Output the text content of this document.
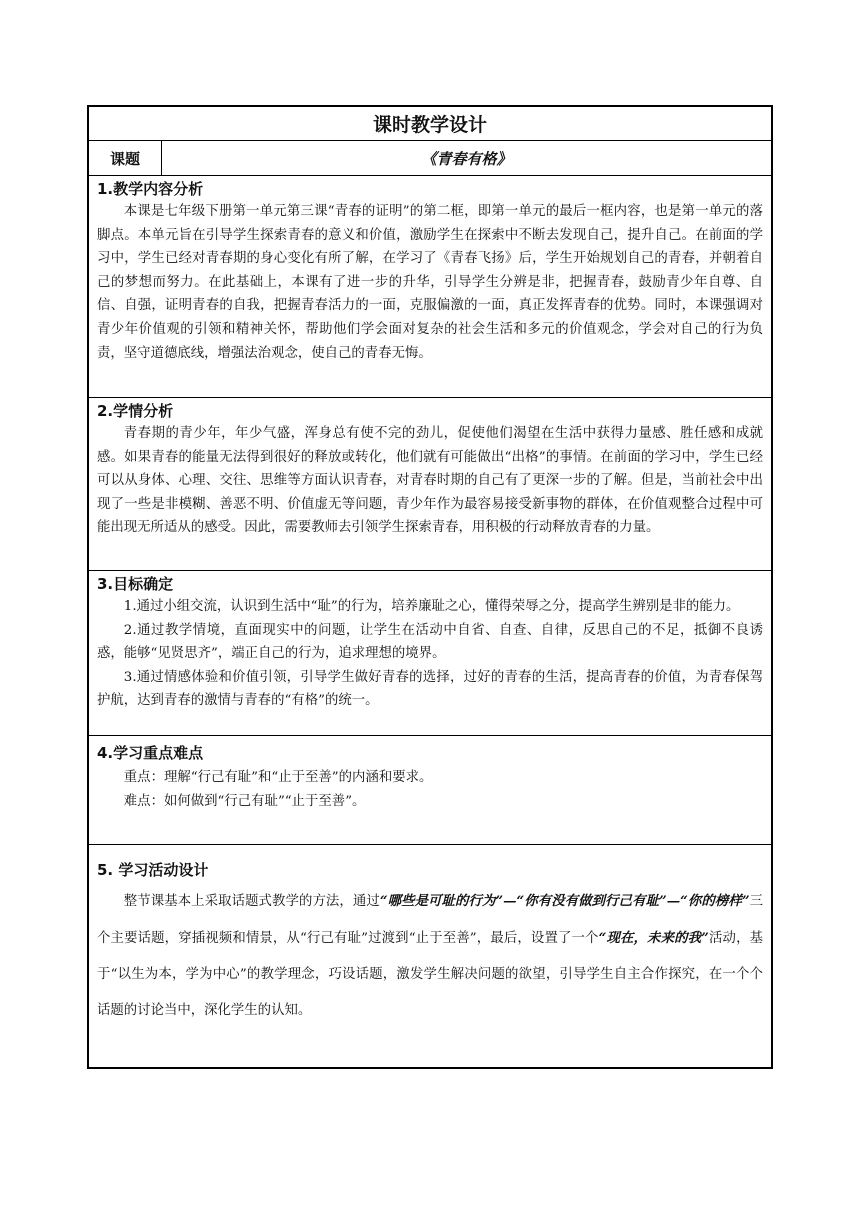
课时教学设计
课题	《青春有格》
1.教学内容分析
本课是七年级下册第一单元第三课“青春的证明”的第二框，即第一单元的最后一框内容，也是第一单元的落脚点。本单元旨在引导学生探索青春的意义和价值，激励学生在探索中不断去发现自己，提升自己。在前面的学习中，学生已经对青春期的身心变化有所了解，在学习了《青春飞扬》后，学生开始规划自己的青春，并朝着自己的梦想而努力。在此基础上，本课有了进一步的升华，引导学生分辨是非，把握青春，鼓励青少年自尊、自信、自强，证明青春的自我，把握青春活力的一面，克服偏激的一面，真正发挥青春的优势。同时，本课强调对青少年价值观的引领和精神关怀，帮助他们学会面对复杂的社会生活和多元的价值观念，学会对自己的行为负责，坚守道德底线，增强法治观念，使自己的青春无悔。
2.学情分析
青春期的青少年，年少气盛，浑身总有使不完的劲儿，促使他们渴望在生活中获得力量感、胜任感和成就感。如果青春的能量无法得到很好的释放或转化，他们就有可能做出“出格”的事情。在前面的学习中，学生已经可以从身体、心理、交往、思维等方面认识青春，对青春时期的自己有了更深一步的了解。但是，当前社会中出现了一些是非模糊、善恶不明、价值虚无等问题，青少年作为最容易接受新事物的群体，在价值观整合过程中可能出现无所适从的感受。因此，需要教师去引领学生探索青春，用积极的行动释放青春的力量。
3.目标确定
1.通过小组交流，认识到生活中“耻”的行为，培养廉耻之心，懂得荣辱之分，提高学生辨别是非的能力。
2.通过教学情境，直面现实中的问题，让学生在活动中自省、自查、自律，反思自己的不足，抵御不良诱惑，能够“见贤思齐”，端正自己的行为，追求理想的境界。
3.通过情感体验和价值引领，引导学生做好青春的选择，过好的青春的生活，提高青春的价值，为青春保驾护航，达到青春的激情与青春的“有格”的统一。
4.学习重点难点
重点：理解“行己有耻”和“止于至善”的内涵和要求。
难点：如何做到“行己有耻”“止于至善”。
5. 学习活动设计
整节课基本上采取话题式教学的方法，通过“哪些是可耻的行为”—“你有没有做到行己有耻”—“你的榜样”三个主要话题，穿插视频和情景，从“行己有耻”过渡到“止于至善”，最后，设置了一个“现在，未来的我”活动，基于“以生为本，学为中心”的教学理念，巧设话题，激发学生解决问题的欲望，引导学生自主合作探究，在一个个话题的讨论当中，深化学生的认知。
